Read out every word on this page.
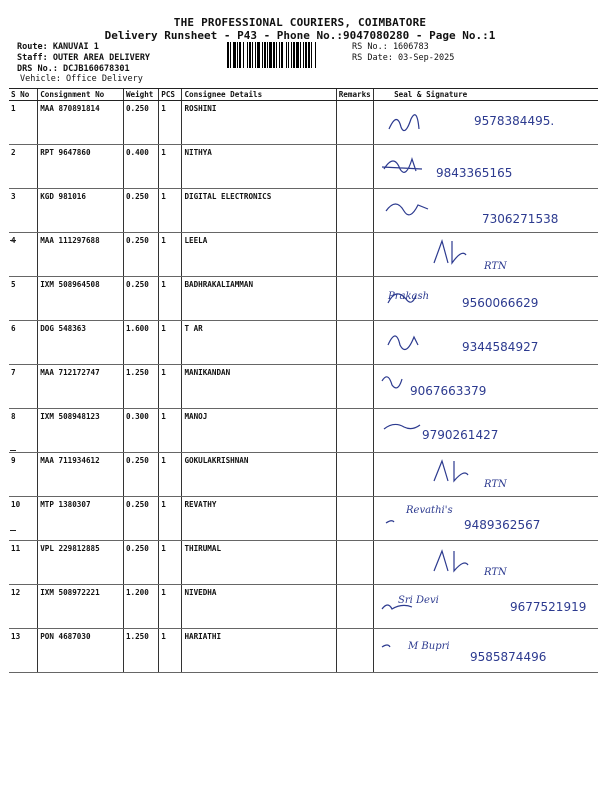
THE PROFESSIONAL COURIERS, COIMBATORE
Delivery Runsheet - P43 - Phone No.:9047080280 - Page No.:1
Route: KANUVAI 1
Staff: OUTER AREA DELIVERY
DRS No.: DCJB160678301
Vehicle: Office Delivery
RS No.: 1606783
RS Date: 03-Sep-2025
S No	Consignment No	Weight	PCS	Consignee Details	Remarks	Seal & Signature
1	MAA 870891814	0.250	1	ROSHINI		9578384495.

2	RPT 9647860	0.400	1	NITHYA		9843365165

3	KGD 981016	0.250	1	DIGITAL ELECTRONICS		7306271538

	MAA 111297688	0.250	1	LEELA		RTN

5	IXM 508964508	0.250	1	BADHRAKALIAMMAN		9560066629
Prakash

6	DOG 548363	1.600	1	T AR		9344584927

7	MAA 712172747	1.250	1	MANIKANDAN		9067663379

8	IXM 508948123	0.300	1	MANOJ		9790261427

9	MAA 711934612	0.250	1	GOKULAKRISHNAN		RTN

10	MTP 1380307	0.250	1	REVATHY		9489362567
Revathi's

11	VPL 229812885	0.250	1	THIRUMAL		RTN

12	IXM 508972221	1.200	1	NIVEDHA		9677521919
Sri Devi

13	PON 4687030	1.250	1	HARIATHI		9585874496
M Bupri
